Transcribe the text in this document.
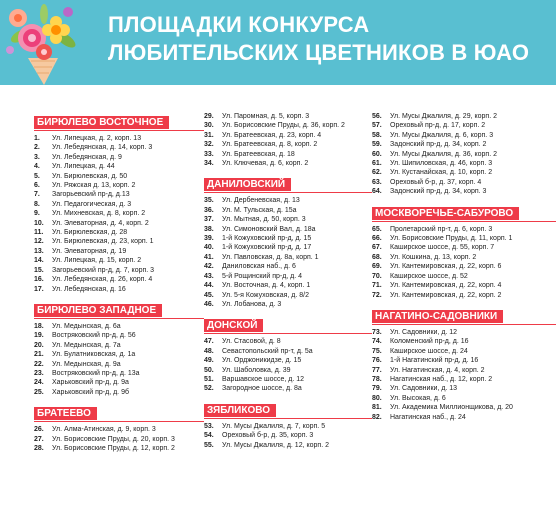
ПЛОЩАДКИ КОНКУРСА
ЛЮБИТЕЛЬСКИХ ЦВЕТНИКОВ В ЮАО
БИРЮЛЕВО ВОСТОЧНОЕ
1.	Ул. Липецкая, д. 2, корп. 13
2.	Ул. Лебедянская, д. 14, корп. 3
3.	Ул. Лебедянская, д. 9
4.	Ул. Липецкая, д. 44
5.	Ул. Бирюлевская, д. 50
6.	Ул. Ряжская д. 13, корп. 2
7.	Загорьевский пр-д, д.13
8.	Ул. Педагогическая, д. 3
9.	Ул. Михневская, д. 8, корп. 2
10.	Ул. Элеваторная, д. 4, корп. 2
11.	Ул. Бирюлевская, д. 28
12.	Ул. Бирюлевская, д. 23, корп. 1
13.	Ул. Элеваторная, д. 19
14.	Ул. Липецкая, д. 15, корп. 2
15.	Загорьевский пр-д, д. 7, корп. 3
16.	Ул. Лебедянская, д. 26, корп. 4
17.	Ул. Лебедянская, д. 16
БИРЮЛЕВО ЗАПАДНОЕ
18.	Ул. Медынская, д. 6а
19.	Востряковский пр-д, д. 56
20.	Ул. Медынская, д. 7а
21.	Ул. Булатниковская, д. 1а
22.	Ул. Медынская, д. 9а
23.	Востряковский пр-д, д. 13а
24.	Харьковский пр-д, д. 9а
25.	Харьковский пр-д, д. 9б
БРАТЕЕВО
26.	Ул. Алма-Атинская, д. 9, корп. 3
27.	Ул. Борисовские Пруды, д. 20, корп. 3
28.	Ул. Борисовские Пруды, д. 12, корп. 2
29.	Ул. Паромная, д. 5, корп. 3
30.	Ул. Борисовские Пруды, д. 36, корп. 2
31.	Ул. Братеевская, д. 23, корп. 4
32.	Ул. Братеевская, д. 8, корп. 2
33.	Ул. Братеевская, д. 18
34.	Ул. Ключевая, д. 6, корп. 2
ДАНИЛОВСКИЙ
35.	Ул. Дербеневская, д. 13
36.	Ул. М. Тульская, д. 15а
37.	Ул. Мытная, д. 50, корп. 3
38.	Ул. Симоновский Вал, д. 18а
39.	1-й Кожуховский пр-д, д. 15
40.	1-й Кожуховский пр-д, д. 17
41.	Ул. Павловская, д. 8а, корп. 1
42.	Даниловская наб., д. 6
43.	5-й Рощинский пр-д, д. 4
44.	Ул. Восточная, д. 4, корп. 1
45.	Ул. 5-я Кожуховская, д. 8/2
46.	Ул. Лобанова, д. 3
ДОНСКОЙ
47.	Ул. Стасовой, д. 8
48.	Севастопольский пр-т, д. 5а
49.	Ул. Орджоникидзе, д. 15
50.	Ул. Шаболовка, д. 39
51.	Варшавское шоссе, д. 12
52.	Загородное шоссе, д. 8а
ЗЯБЛИКОВО
53.	Ул. Мусы Джалиля, д. 7, корп. 5
54.	Ореховый б-р, д. 35, корп. 3
55.	Ул. Мусы Джалиля, д. 12, корп. 2
56.	Ул. Мусы Джалиля, д. 29, корп. 2
57.	Ореховый пр-д, д. 17, корп. 2
58.	Ул. Мусы Джалиля, д. 6, корп. 3
59.	Задонский пр-д, д. 34, корп. 2
60.	Ул. Мусы Джалиля, д. 36, корп. 2
61.	Ул. Шипиловская, д. 46, корп. 3
62.	Ул. Кустанайская, д. 10, корп. 2
63.	Ореховый б-р, д. 37, корп. 4
64.	Задонский пр-д, д. 34, корп. 3
МОСКВОРЕЧЬЕ-САБУРОВО
65.	Пролетарский пр-т, д. 6, корп. 3
66.	Ул. Борисовские Пруды, д. 11, корп. 1
67.	Каширское шоссе, д. 55, корп. 7
68.	Ул. Кошкина, д. 13, корп. 2
69.	Ул. Кантемировская, д. 22, корп. 6
70.	Каширское шоссе, д. 52
71.	Ул. Кантемировская, д. 22, корп. 4
72.	Ул. Кантемировская, д. 22, корп. 2
НАГАТИНО-САДОВНИКИ
73.	Ул. Садовники, д. 12
74.	Коломенский пр-д, д. 16
75.	Каширское шоссе, д. 24
76.	1-й Нагатинский пр-д, д. 16
77.	Ул. Нагатинская, д. 4, корп. 2
78.	Нагатинская наб., д. 12, корп. 2
79.	Ул. Садовники, д. 13
80.	Ул. Высокая, д. 6
81.	Ул. Академика Миллионщикова, д. 20
82.	Нагатинская наб., д. 24
